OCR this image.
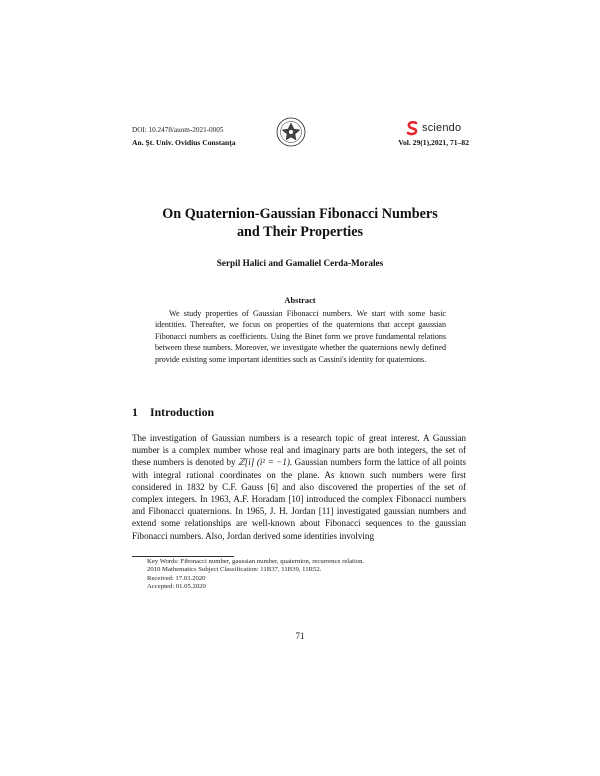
DOI: 10.2478/auom-2021-0005
An. Şt. Univ. Ovidius Constanţa
sciendo
Vol. 29(1),2021, 71–82
On Quaternion-Gaussian Fibonacci Numbers
and Their Properties
Serpil Halici and Gamaliel Cerda-Morales
Abstract
We study properties of Gaussian Fibonacci numbers. We start with some basic identities. Thereafter, we focus on properties of the quaternions that accept gaussian Fibonacci numbers as coefficients. Using the Binet form we prove fundamental relations between these numbers. Moreover, we investigate whether the quaternions newly defined provide existing some important identities such as Cassini's identity for quaternions.
1 Introduction
The investigation of Gaussian numbers is a research topic of great interest. A Gaussian number is a complex number whose real and imaginary parts are both integers, the set of these numbers is denoted by ℤ[i] (i² = −1). Gaussian numbers form the lattice of all points with integral rational coordinates on the plane. As known such numbers were first considered in 1832 by C.F. Gauss [6] and also discovered the properties of the set of complex integers. In 1963, A.F. Horadam [10] introduced the complex Fibonacci numbers and Fibonacci quaternions. In 1965, J. H. Jordan [11] investigated gaussian numbers and extend some relationships are well-known about Fibonacci sequences to the gaussian Fibonacci numbers. Also, Jordan derived some identities involving
Key Words: Fibonacci number, gaussian number, quaternion, recurrence relation.
2010 Mathematics Subject Classification: 11B37, 11B39, 11R52.
Received: 17.03.2020
Accepted: 01.05.2020
71
